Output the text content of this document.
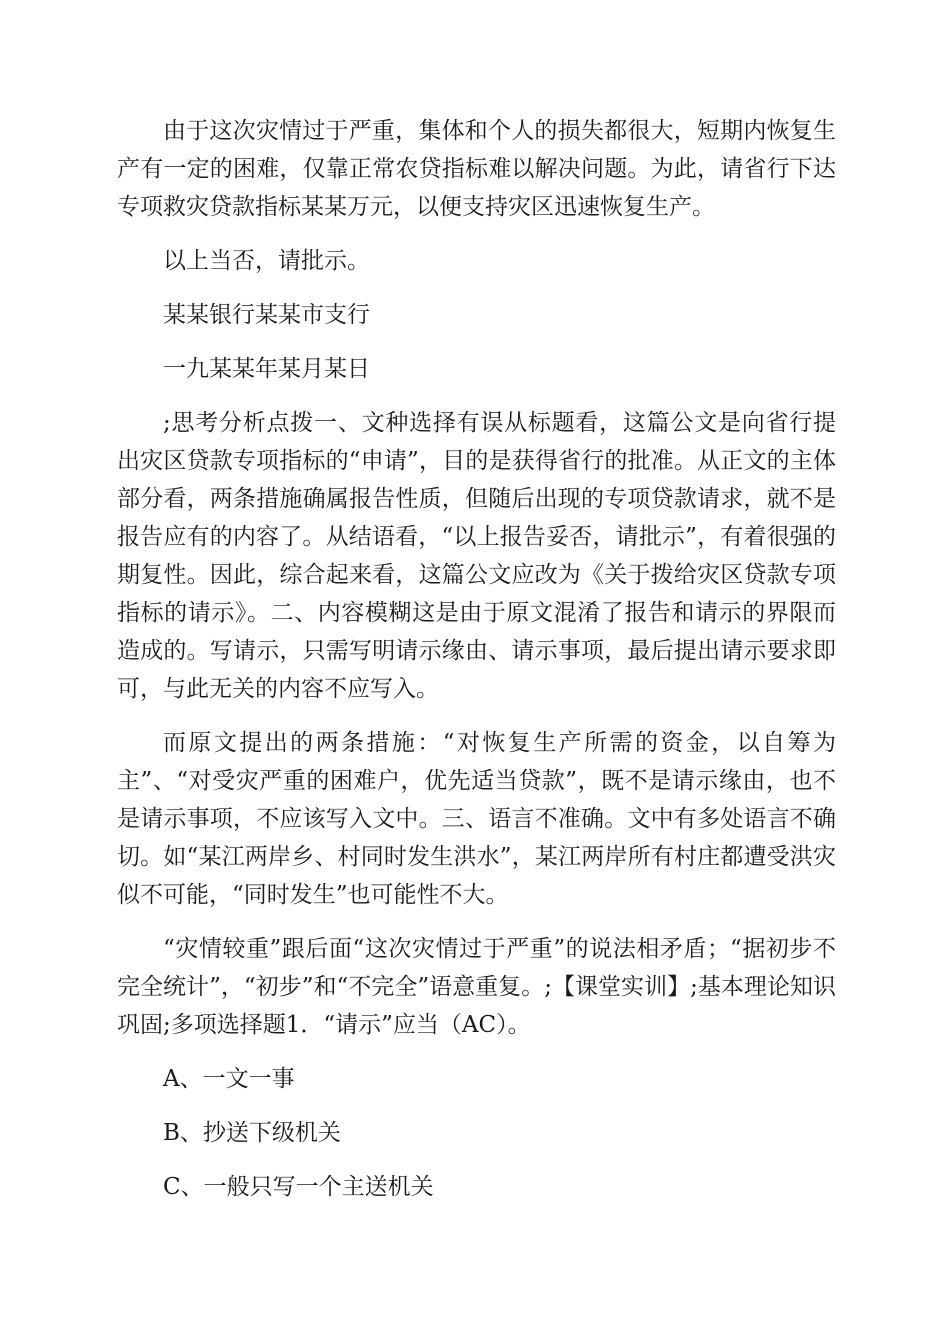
由于这次灾情过于严重，集体和个人的损失都很大，短期内恢复生产有一定的困难，仅靠正常农贷指标难以解决问题。为此，请省行下达专项救灾贷款指标某某万元，以便支持灾区迅速恢复生产。

以上当否，请批示。

某某银行某某市支行

一九某某年某月某日

;思考分析点拨一、文种选择有误从标题看，这篇公文是向省行提出灾区贷款专项指标的“申请”，目的是获得省行的批准。从正文的主体部分看，两条措施确属报告性质，但随后出现的专项贷款请求，就不是报告应有的内容了。从结语看，“以上报告妥否，请批示”，有着很强的期复性。因此，综合起来看，这篇公文应改为《关于拨给灾区贷款专项指标的请示》。二、内容模糊这是由于原文混淆了报告和请示的界限而造成的。写请示，只需写明请示缘由、请示事项，最后提出请示要求即可，与此无关的内容不应写入。

而原文提出的两条措施：“对恢复生产所需的资金，以自筹为主”、“对受灾严重的困难户，优先适当贷款”，既不是请示缘由，也不是请示事项，不应该写入文中。三、语言不准确。文中有多处语言不确切。如“某江两岸乡、村同时发生洪水”，某江两岸所有村庄都遭受洪灾似不可能，“同时发生”也可能性不大。

“灾情较重”跟后面“这次灾情过于严重”的说法相矛盾；“据初步不完全统计”，“初步”和“不完全”语意重复。;【课堂实训】;基本理论知识巩固;多项选择题1．“请示”应当（AC）。

A、一文一事

B、抄送下级机关

C、一般只写一个主送机关
